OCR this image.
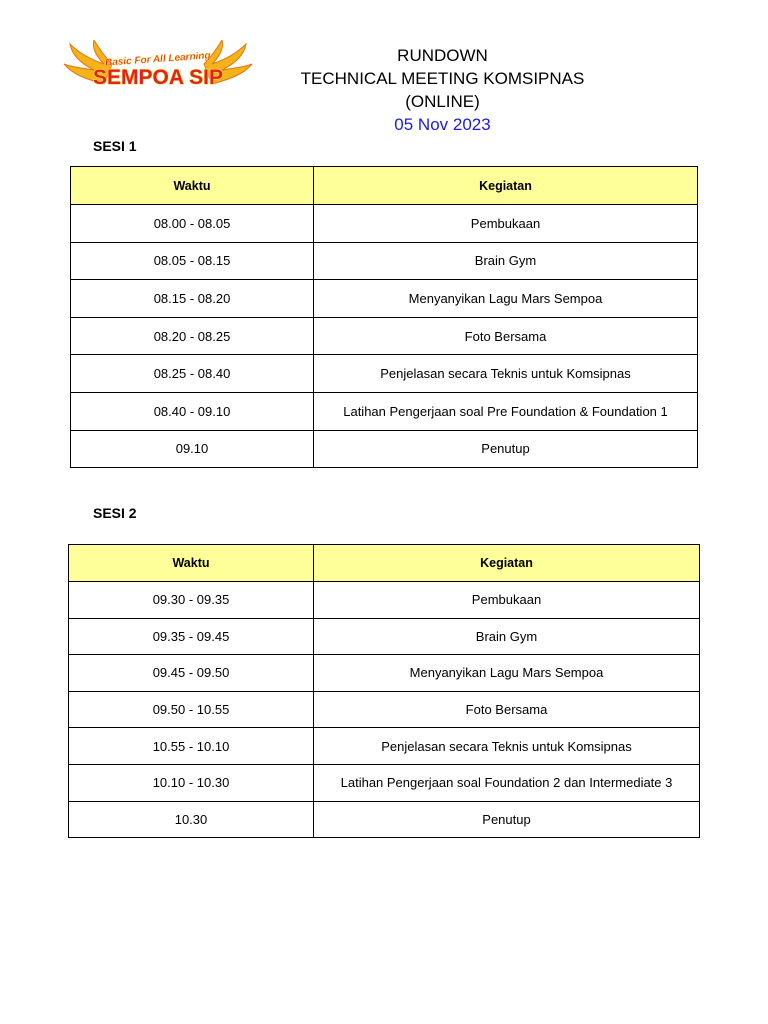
Basic For All Learning
SEMPOA SIP
RUNDOWN
TECHNICAL MEETING KOMSIPNAS (ONLINE)
05 Nov 2023
SESI 1
Waktu	Kegiatan
08.00 - 08.05	Pembukaan
08.05 - 08.15	Brain Gym
08.15 - 08.20	Menyanyikan Lagu Mars Sempoa
08.20 - 08.25	Foto Bersama
08.25 - 08.40	Penjelasan secara Teknis untuk Komsipnas
08.40 - 09.10	Latihan Pengerjaan soal Pre Foundation & Foundation 1
09.10	Penutup
SESI 2
Waktu	Kegiatan
09.30 - 09.35	Pembukaan
09.35 - 09.45	Brain Gym
09.45 - 09.50	Menyanyikan Lagu Mars Sempoa
09.50 - 10.55	Foto Bersama
10.55 - 10.10	Penjelasan secara Teknis untuk Komsipnas
10.10 - 10.30	Latihan Pengerjaan soal Foundation 2 dan Intermediate 3
10.30	Penutup
